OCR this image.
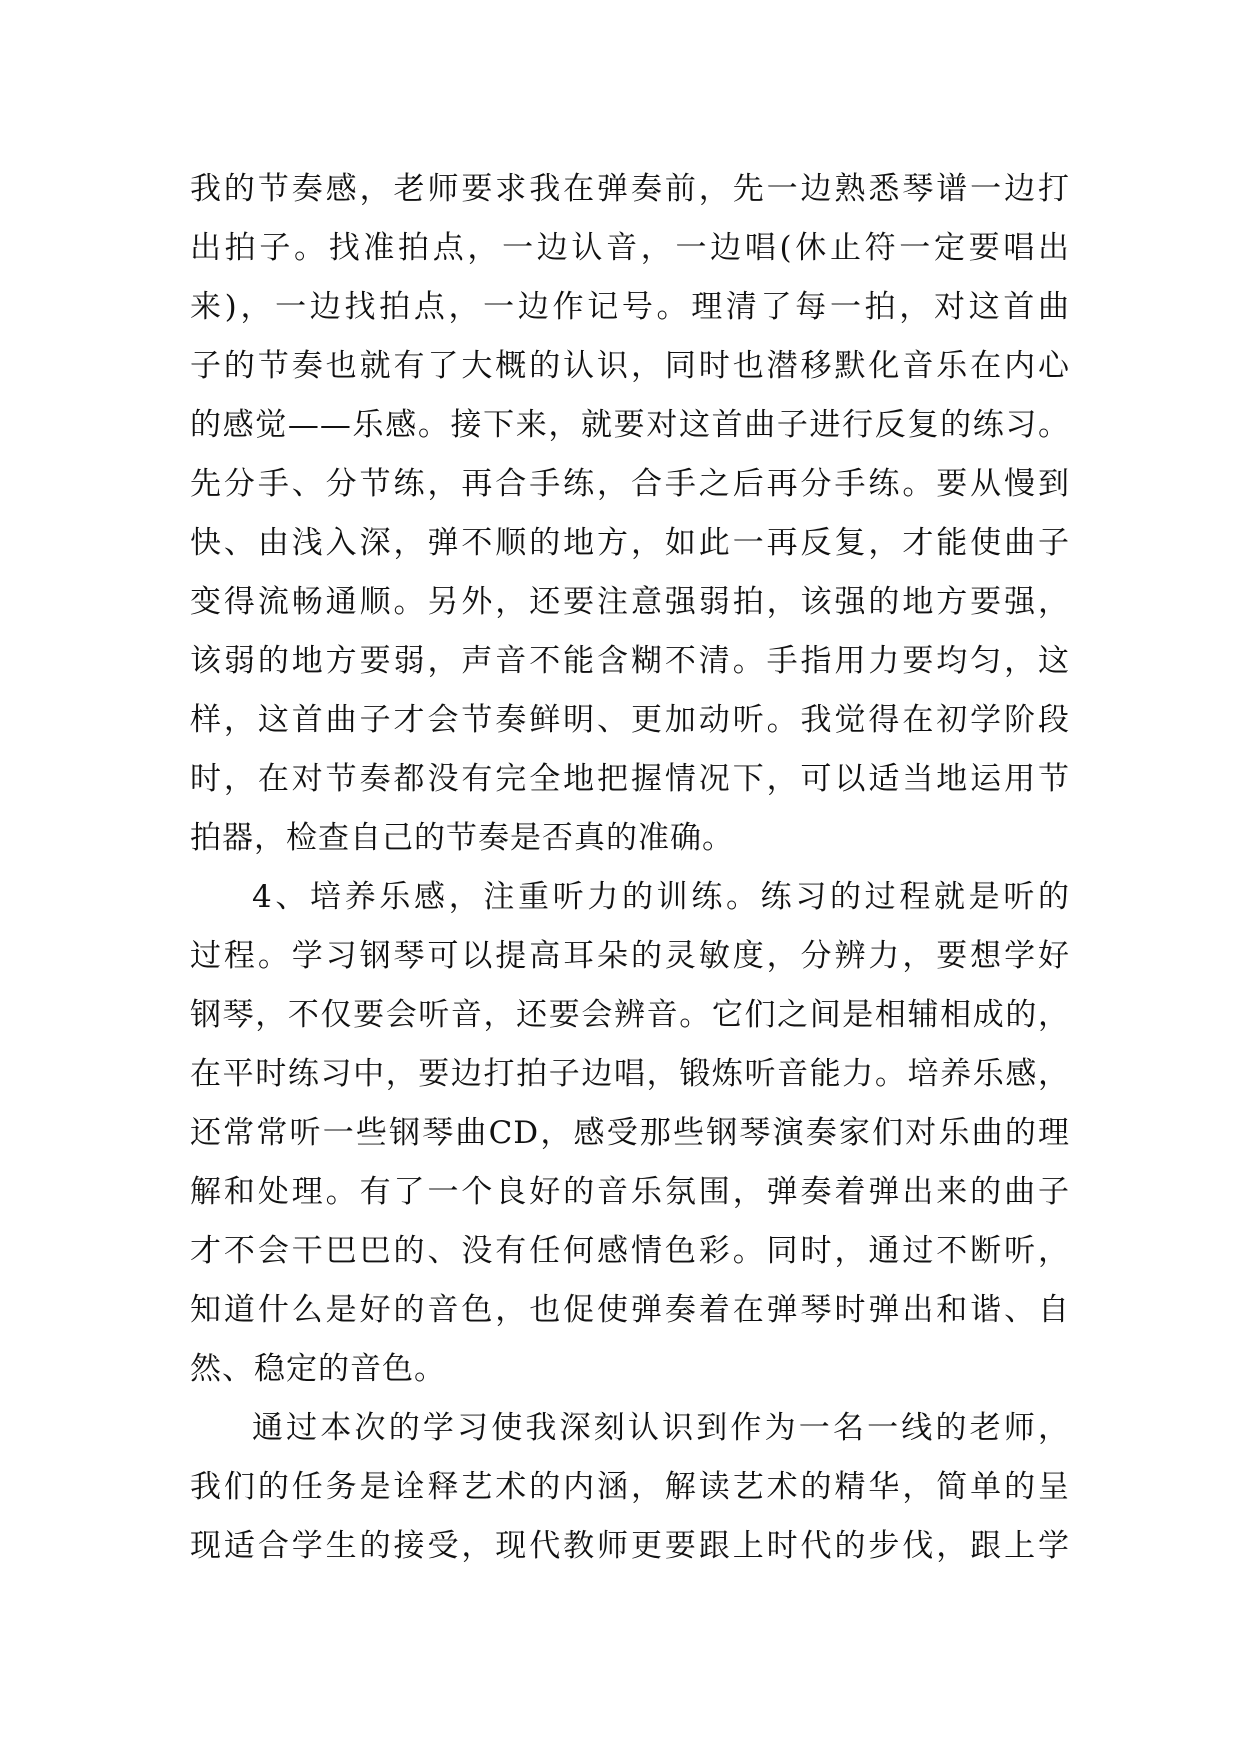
我的节奏感，老师要求我在弹奏前，先一边熟悉琴谱一边打
出拍子。找准拍点，一边认音，一边唱(休止符一定要唱出
来)，一边找拍点，一边作记号。理清了每一拍，对这首曲
子的节奏也就有了大概的认识，同时也潜移默化音乐在内心
的感觉——乐感。接下来，就要对这首曲子进行反复的练习。
先分手、分节练，再合手练，合手之后再分手练。要从慢到
快、由浅入深，弹不顺的地方，如此一再反复，才能使曲子
变得流畅通顺。另外，还要注意强弱拍，该强的地方要强，
该弱的地方要弱，声音不能含糊不清。手指用力要均匀，这
样，这首曲子才会节奏鲜明、更加动听。我觉得在初学阶段
时，在对节奏都没有完全地把握情况下，可以适当地运用节
拍器，检查自己的节奏是否真的准确。
4、培养乐感，注重听力的训练。练习的过程就是听的
过程。学习钢琴可以提高耳朵的灵敏度，分辨力，要想学好
钢琴，不仅要会听音，还要会辨音。它们之间是相辅相成的，
在平时练习中，要边打拍子边唱，锻炼听音能力。培养乐感，
还常常听一些钢琴曲CD，感受那些钢琴演奏家们对乐曲的理
解和处理。有了一个良好的音乐氛围，弹奏着弹出来的曲子
才不会干巴巴的、没有任何感情色彩。同时，通过不断听，
知道什么是好的音色，也促使弹奏着在弹琴时弹出和谐、自
然、稳定的音色。
通过本次的学习使我深刻认识到作为一名一线的老师，
我们的任务是诠释艺术的内涵，解读艺术的精华，简单的呈
现适合学生的接受，现代教师更要跟上时代的步伐，跟上学
